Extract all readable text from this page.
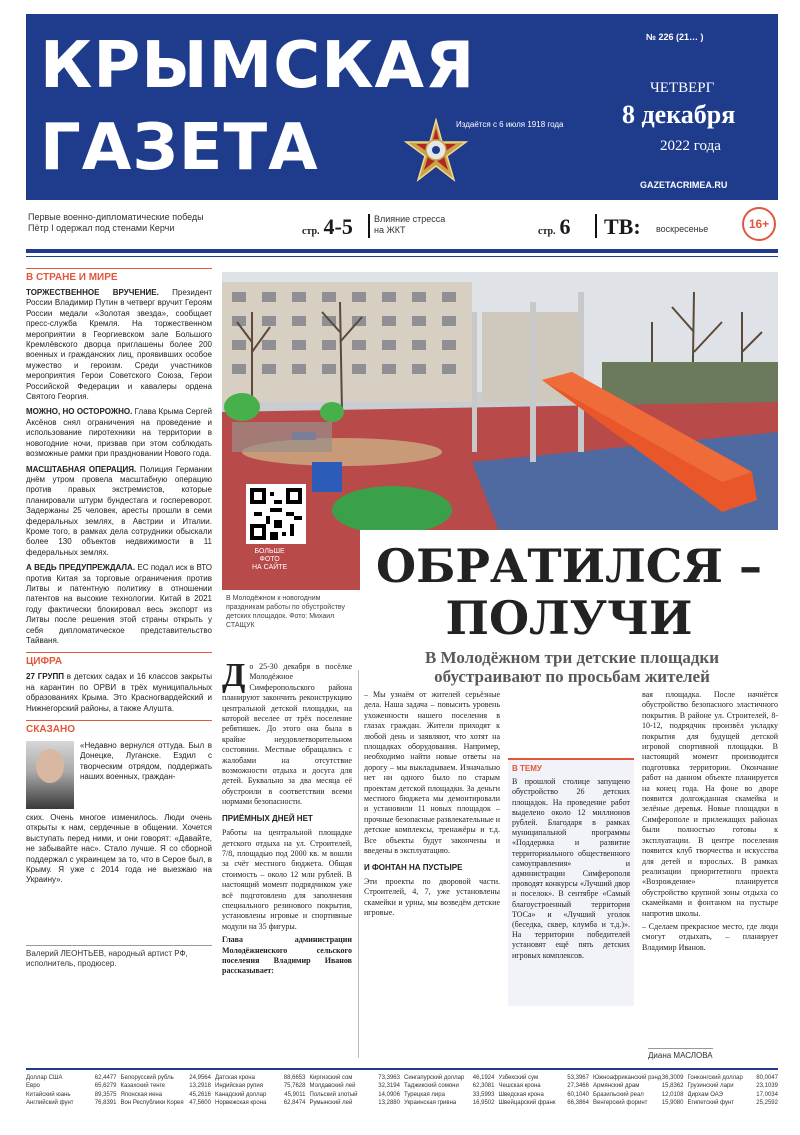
КРЫМСКАЯ
ГАЗЕТА	Издаётся с 6 июля 1918 года
№ 226 (21… )
ЧЕТВЕРГ
8 декабря
2022 года
GAZETACRIMEA.RU
Первые военно-дипломатические победы
Пётр I одержал под стенами Керчи	стр. 4-5 Влияние стресса
на ЖКТ	стр. 6 ТВ: воскресенье	16+
В СТРАНЕ И МИРЕ

ТОРЖЕСТВЕННОЕ ВРУЧЕНИЕ. Президент России Владимир Путин в четверг вручит Героям России медали «Золотая звезда», сообщает пресс-служба Кремля. На торжественном мероприятии в Георгиевском зале Большого Кремлёвского дворца приглашены более 200 военных и гражданских лиц, проявивших особое мужество и героизм. Среди участников мероприятия Герои Советского Союза, Герои Российской Федерации и кавалеры ордена Святого Георгия.

МОЖНО, НО ОСТОРОЖНО. Глава Крыма Сергей Аксёнов снял ограничения на проведение и использование пиротехники на территории в новогодние ночи, призвав при этом соблюдать возможные рамки при праздновании Нового года.

МАСШТАБНАЯ ОПЕРАЦИЯ. Полиция Германии днём утром провела масштабную операцию против правых экстремистов, которые планировали штурм бундестага и госпереворот. Задержаны 25 человек, аресты прошли в семи федеральных землях, в Австрии и Италии. Кроме того, в рамках дела сотрудники обыскали более 130 объектов недвижимости в 11 федеральных землях.

А ВЕДЬ ПРЕДУПРЕЖДАЛА. ЕС подал иск в ВТО против Китая за торговые ограничения против Литвы и патентную политику в отношении патентов на высокие технологии. Китай в 2021 году фактически блокировал весь экспорт из Литвы после решения этой страны открыть у себя дипломатическое представительство Тайваня.

ЦИФРА

27 ГРУПП в детских садах и 16 классов закрыты на карантин по ОРВИ в трёх муниципальных образованиях Крыма. Это Красногвардейский и Нижнегорский районы, а также Алушта.

СКАЗАНО

«Недавно вернулся оттуда. Был в Донецке, Луганске. Ездил с творческим отрядом, поддержать наших военных, граждан-

ских. Очень многое изменилось. Люди очень открыты к нам, сердечные в общении. Хочется выступать перед ними, и они говорят: «Давайте, не забывайте нас». Стало лучше. Я со сборной поддержал с украинцем за то, что в Серое был, в Крыму. Я уже с 2014 года не выезжаю на Украину».

Валерий ЛЕОНТЬЕВ, народный артист РФ, исполнитель, продюсер.
БОЛЬШЕ
ФОТО
НА САЙТЕ
В Молодёжном к новогодним праздникам работы по обустройству детских площадок. Фото: Михаил СТАЩУК
ОБРАТИЛСЯ –
ПОЛУЧИ
В Молодёжном три детские площадки обустраивают по просьбам жителей
До 25-30 декабря в посёлке Молодёжное Симферопольского района планируют закончить реконструкцию центральной детской площадки, на которой веселее от трёх поселение ребятишек. До этого она была в крайне неудовлетворительном состоянии. Местные обращались с жалобами на отсутствие возможности отдыха и досуга для детей. Буквально за два месяца её обустроили в соответствии всеми нормами безопасности.
ПРИЁМНЫХ ДНЕЙ НЕТ

Работы на центральной площадке детского отдыха на ул. Строителей, 7/8, площадью под 2000 кв. м вошли за счёт местного бюджета. Общая стоимость – около 12 млн рублей. В настоящий момент подрядчиком уже всё подготовлено для заполнения специального резинового покрытия, установлены игровые и спортивные модули на 35 фигуры.

Глава администрации Молодёжненского сельского поселения Владимир Иванов рассказывает:

– Мы узнаём от жителей серьёзные дела. Наша задача – повысить уровень ухоженности нашего поселения в глазах граждан. Жители приходят к любой день и заявляют, что хотят на площадках оборудования. Например, необходимо найти новые ответы на дорогу – мы выкладываем. Изначально нет ни одного было по старым проектам детской площадки. За деньги местного бюджета мы демонтировали и установили 11 новых площадок – прочные безопасные развлекательные и детские комплексы, тренажёры и т.д. Все объекты будут закончены и введены в эксплуатацию.

И ФОНТАН НА ПУСТЫРЕ

Эти проекты по дворовой части. Строителей, 4, 7, уже установлены скамейки и урны, мы возведём детские игровые.

В ТЕМУ
В прошлой столице запущено обустройство 26 детских площадок. На проведение работ выделено около 12 миллионов рублей. Благодаря в рамках муниципальной программы «Поддержка и развитие территориального общественного самоуправления» и администрации Симферополя проводят конкурсы «Лучший двор и поселок». В сентябре «Самый благоустроенный территория ТОСа» и «Лучший уголок (беседка, сквер, клумба и т.д.)». На территории победителей установят ещё пять детских игровых комплексов.

вая площадка. После начнётся обустройство безопасного эластичного покрытия. В районе ул. Строителей, 8-10-12, подрядчик произвёл укладку покрытия для будущей детской игровой спортивной площадки. В настоящий момент производится подготовка территории. Окончание работ на данном объекте планируется на конец года. На фоне во дворе появится долгожданная скамейка и зелёные деревья. Новые площадки в Симферополе и прилежащих районах были полностью готовы к эксплуатации. В центре поселения появится клуб творчества и искусства для детей и взрослых. В рамках реализации приоритетного проекта «Возрождение» планируется обустройство крупной зоны отдыха со скамейками и фонтаном на пустыре напротив школы.

– Сделаем прекрасное место, где люди смогут отдыхать, – планирует Владимир Иванов.

Диана МАСЛОВА
Доллар США	62,4477
Евро	65,6279
Китайский юань	89,3575
Английский фунт	76,8391
Белорусский рубль	24,9564
Казахский тенге	13,2918
Японская иена	45,2616
Вон Республики Корея 47,5600
Датская крона	88,6653
Индийская рупия	75,7628
Канадский доллар	45,9011
Норвежская крона	62,8474
Киргизский сом	73,3963
Молдавский лей	32,3194
Польский злотый	14,0906
Румынский лей	13,2880
Сингапурский доллар 46,1924
Таджикский сомони 62,3081
Турецкая лира	33,5993
Украинская гривна	16,9502
Узбекский сум	53,3967
Чешская крона	27,3466
Шведская крона	60,1040
Швейцарский франк 66,3864
Южноафриканский рэнд 36,3009
Армянский драм	15,8362
Бразильский реал	12,0108
Венгерский форинт 15,9080
Гонконгский доллар 80,0047
Грузинский лари	23,1039
Дирхам ОАЭ	17,0034
Египетский фунт	25,2592
